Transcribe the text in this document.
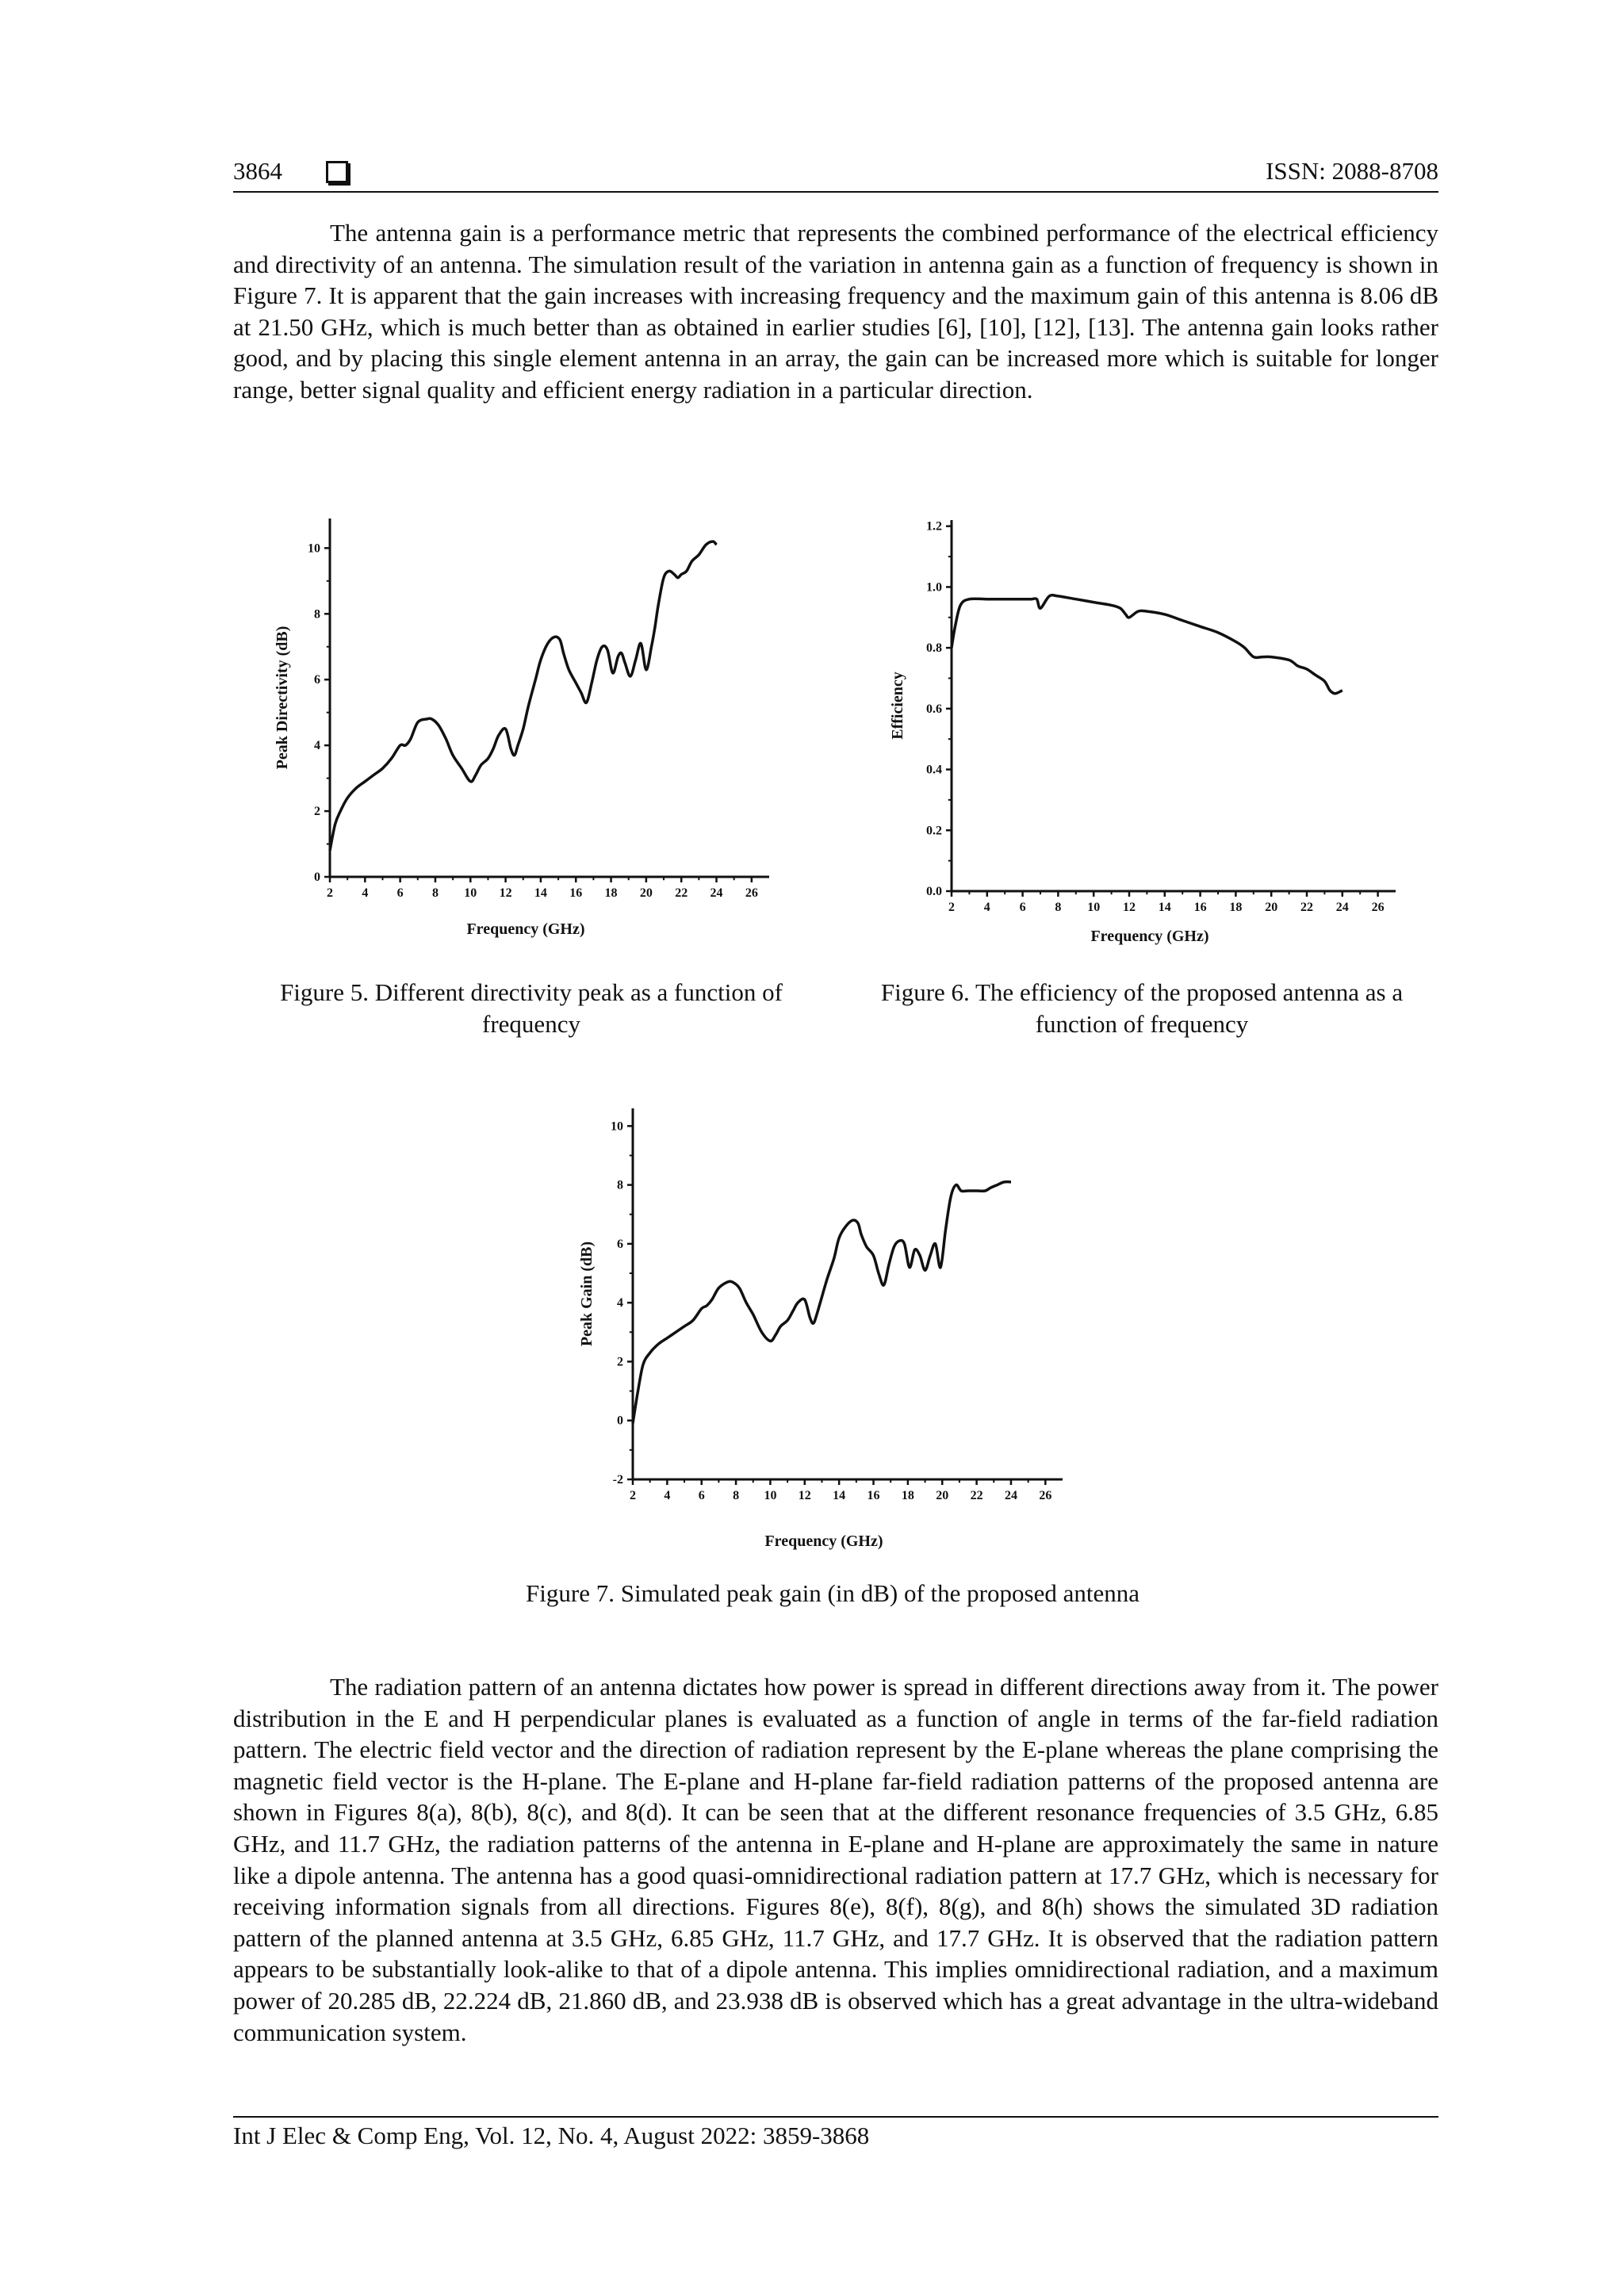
3864	ISSN: 2088-8708
The antenna gain is a performance metric that represents the combined performance of the electrical efficiency and directivity of an antenna. The simulation result of the variation in antenna gain as a function of frequency is shown in Figure 7. It is apparent that the gain increases with increasing frequency and the maximum gain of this antenna is 8.06 dB at 21.50 GHz, which is much better than as obtained in earlier studies [6], [10], [12], [13]. The antenna gain looks rather good, and by placing this single element antenna in an array, the gain can be increased more which is suitable for longer range, better signal quality and efficient energy radiation in a particular direction.
2 4 6 8 10 12 14 16 18 20 22 24 26
0
2
4
6
8
10
Frequency (GHz)
Peak Directivity (dB)
Figure 5. Different directivity peak as a function of frequency
2 4 6 8 10 12 14 16 18 20 22 24 26
0.0
0.2
0.4
0.6
0.8
1.0
1.2
Frequency (GHz)
Efficiency
Figure 6. The efficiency of the proposed antenna as a function of frequency
2 4 6 8 10 12 14 16 18 20 22 24 26
-2
0
2
4
6
8
10
Frequency (GHz)
Peak Gain (dB)
Figure 7. Simulated peak gain (in dB) of the proposed antenna
The radiation pattern of an antenna dictates how power is spread in different directions away from it. The power distribution in the E and H perpendicular planes is evaluated as a function of angle in terms of the far-field radiation pattern. The electric field vector and the direction of radiation represent by the E-plane whereas the plane comprising the magnetic field vector is the H-plane. The E-plane and H-plane far-field radiation patterns of the proposed antenna are shown in Figures 8(a), 8(b), 8(c), and 8(d). It can be seen that at the different resonance frequencies of 3.5 GHz, 6.85 GHz, and 11.7 GHz, the radiation patterns of the antenna in E-plane and H-plane are approximately the same in nature like a dipole antenna. The antenna has a good quasi-omnidirectional radiation pattern at 17.7 GHz, which is necessary for receiving information signals from all directions. Figures 8(e), 8(f), 8(g), and 8(h) shows the simulated 3D radiation pattern of the planned antenna at 3.5 GHz, 6.85 GHz, 11.7 GHz, and 17.7 GHz. It is observed that the radiation pattern appears to be substantially look-alike to that of a dipole antenna. This implies omnidirectional radiation, and a maximum power of 20.285 dB, 22.224 dB, 21.860 dB, and 23.938 dB is observed which has a great advantage in the ultra-wideband communication system.
Int J Elec & Comp Eng, Vol. 12, No. 4, August 2022: 3859-3868
